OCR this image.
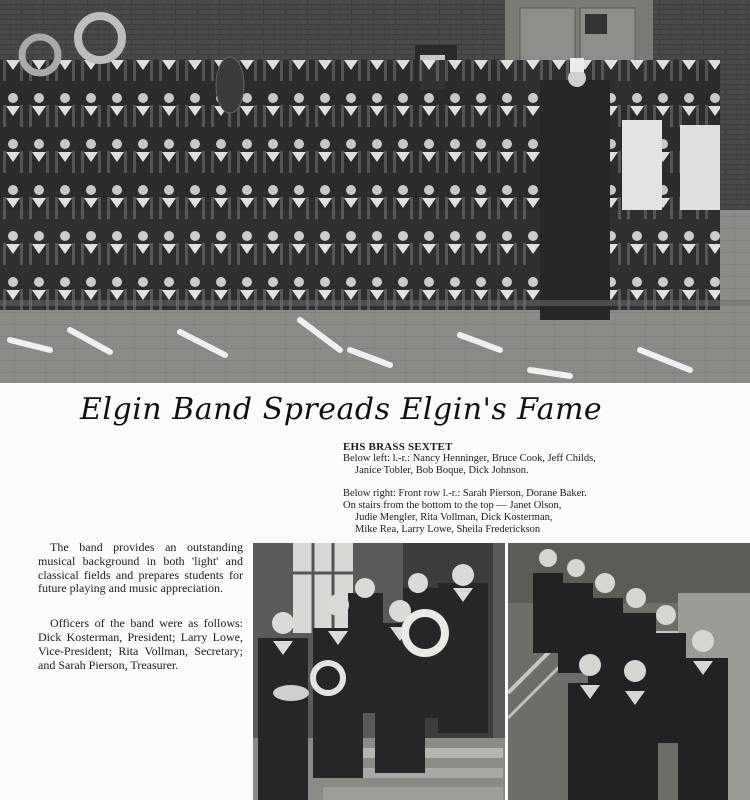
Elgin Band Spreads Elgin's Fame
EHS BRASS SEXTET
Below left: l.-r.: Nancy Henninger, Bruce Cook, Jeff Childs,
Janice Tobler, Bob Boque, Dick Johnson.
Below right: Front row l.-r.: Sarah Pierson, Dorane Baker.
On stairs from the bottom to the top — Janet Olson,
Judie Mengler, Rita Vollman, Dick Kosterman,
Mike Rea, Larry Lowe, Sheila Frederickson

The band provides an outstanding musical background in both 'light' and classical fields and prepares students for future playing and music appreciation.

Officers of the band were as follows: Dick Kosterman, President; Larry Lowe, Vice-President; Rita Vollman, Secretary; and Sarah Pierson, Treasurer.
